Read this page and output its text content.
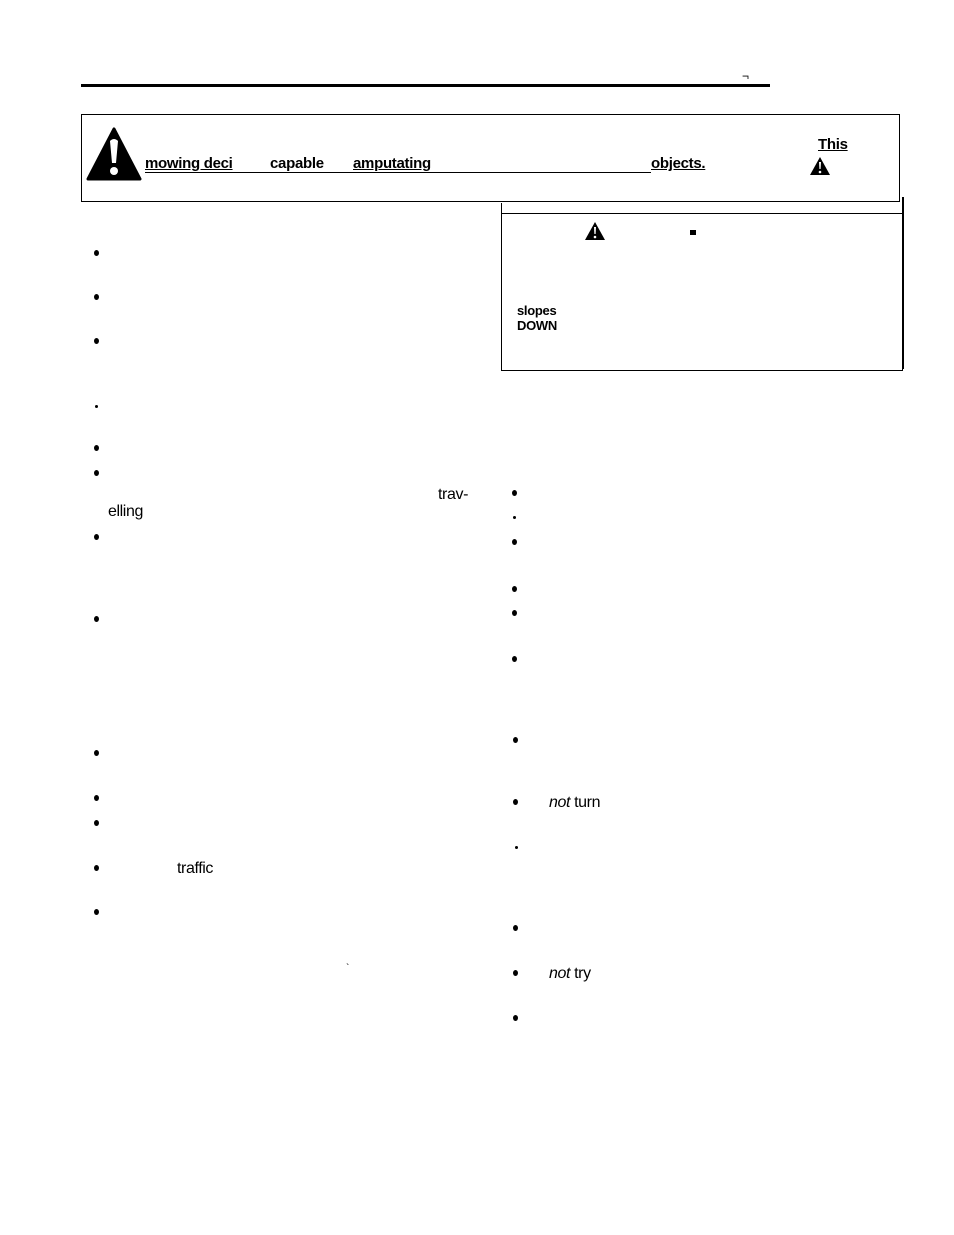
¬
mowing deci capable amputating	objects.
This
slopes
DOWN
trav-
elling
traffic
`
not turn
not try
